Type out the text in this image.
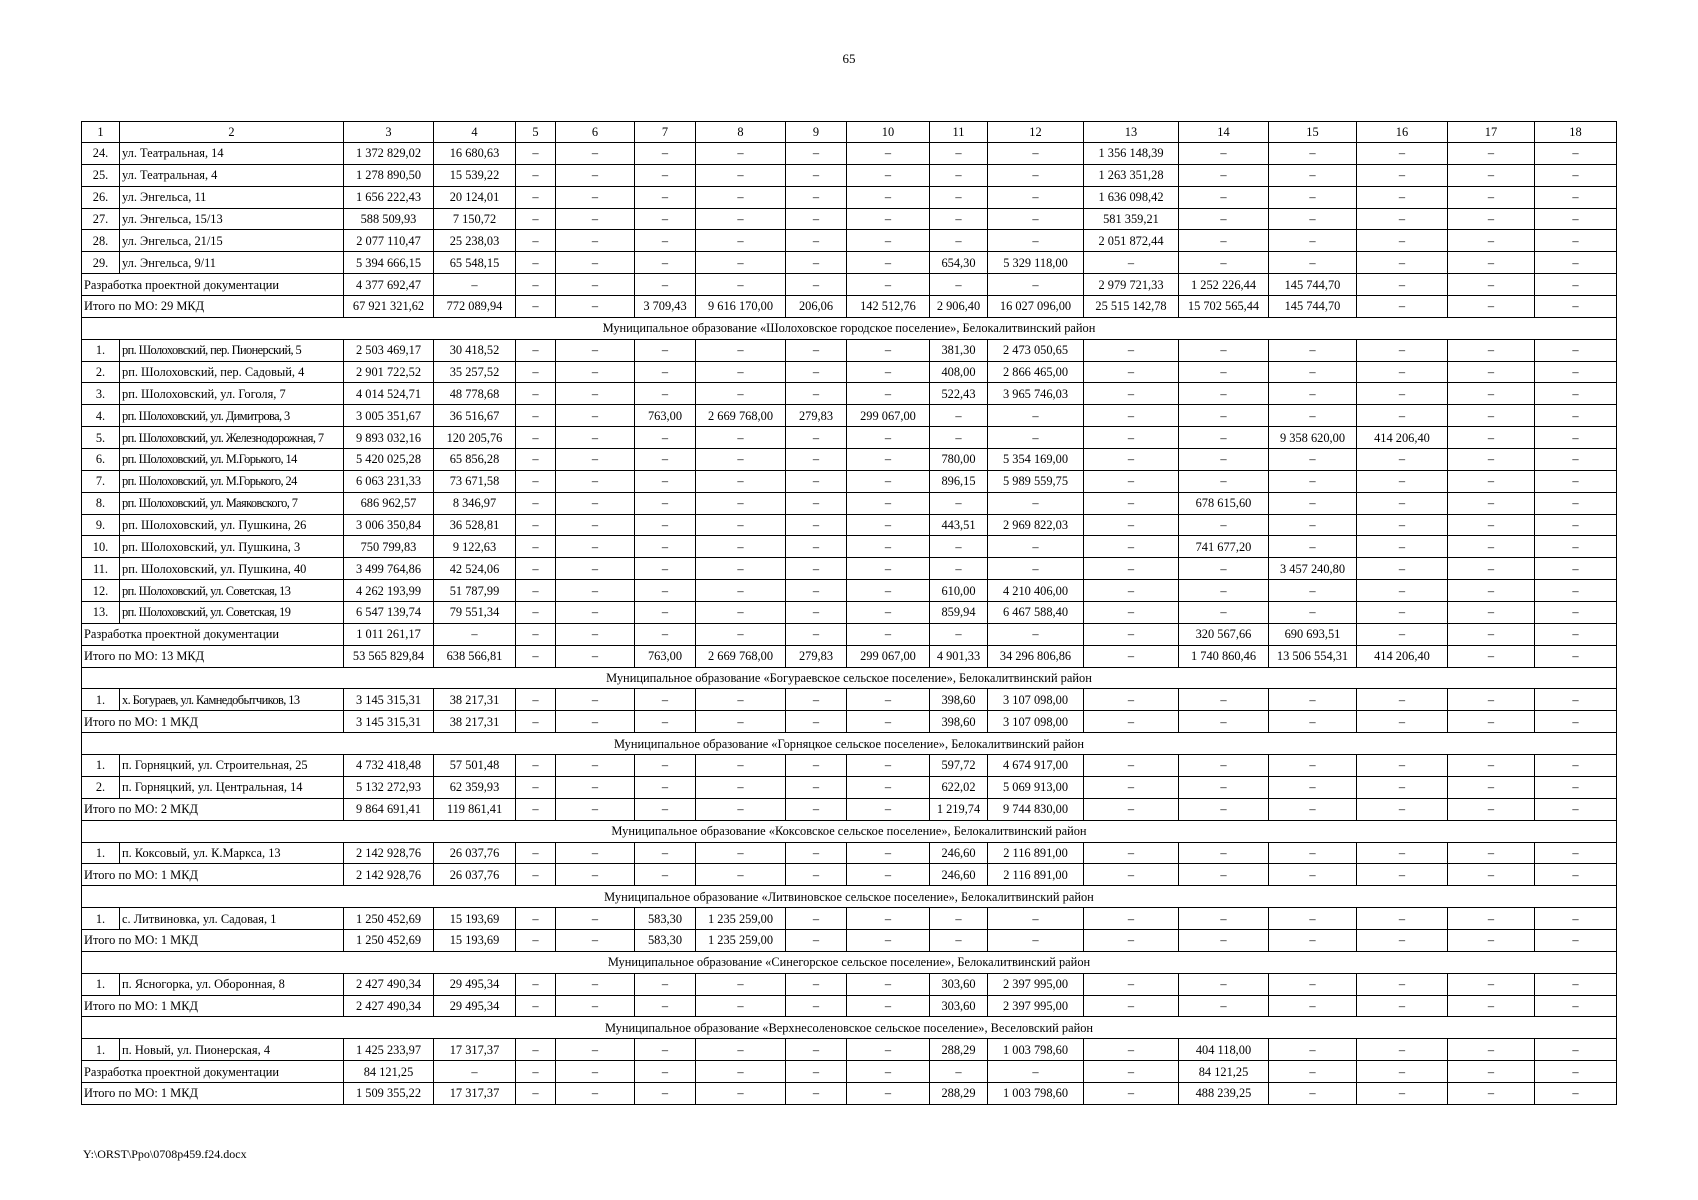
65
1	2	3	4	5	6	7	8	9	10	11	12	13	14	15	16	17	18
24.	ул. Театральная, 14	1 372 829,02	16 680,63	–	–	–	–	–	–	–	–	1 356 148,39	–	–	–	–	–
25.	ул. Театральная, 4	1 278 890,50	15 539,22	–	–	–	–	–	–	–	–	1 263 351,28	–	–	–	–	–
26.	ул. Энгельса, 11	1 656 222,43	20 124,01	–	–	–	–	–	–	–	–	1 636 098,42	–	–	–	–	–
27.	ул. Энгельса, 15/13	588 509,93	7 150,72	–	–	–	–	–	–	–	–	581 359,21	–	–	–	–	–
28.	ул. Энгельса, 21/15	2 077 110,47	25 238,03	–	–	–	–	–	–	–	–	2 051 872,44	–	–	–	–	–
29.	ул. Энгельса, 9/11	5 394 666,15	65 548,15	–	–	–	–	–	–	654,30	5 329 118,00	–	–	–	–	–	–
Разработка проектной документации		4 377 692,47	–	–	–	–	–	–	–	–	–	2 979 721,33	1 252 226,44	145 744,70	–	–	–
Итого по МО: 29 МКД		67 921 321,62	772 089,94	–	–	3 709,43	9 616 170,00	206,06	142 512,76	2 906,40	16 027 096,00	25 515 142,78	15 702 565,44	145 744,70	–	–	–
Муниципальное образование «Шолоховское городское поселение», Белокалитвинский район																	
1.	рп. Шолоховский, пер. Пионерский, 5	2 503 469,17	30 418,52	–	–	–	–	–	–	381,30	2 473 050,65	–	–	–	–	–	–
2.	рп. Шолоховский, пер. Садовый, 4	2 901 722,52	35 257,52	–	–	–	–	–	–	408,00	2 866 465,00	–	–	–	–	–	–
3.	рп. Шолоховский, ул. Гоголя, 7	4 014 524,71	48 778,68	–	–	–	–	–	–	522,43	3 965 746,03	–	–	–	–	–	–
4.	рп. Шолоховский, ул. Димитрова, 3	3 005 351,67	36 516,67	–	–	763,00	2 669 768,00	279,83	299 067,00	–	–	–	–	–	–	–	–
5.	рп. Шолоховский, ул. Железнодорожная, 7	9 893 032,16	120 205,76	–	–	–	–	–	–	–	–	–	–	9 358 620,00	414 206,40	–	–
6.	рп. Шолоховский, ул. М.Горького, 14	5 420 025,28	65 856,28	–	–	–	–	–	–	780,00	5 354 169,00	–	–	–	–	–	–
7.	рп. Шолоховский, ул. М.Горького, 24	6 063 231,33	73 671,58	–	–	–	–	–	–	896,15	5 989 559,75	–	–	–	–	–	–
8.	рп. Шолоховский, ул. Маяковского, 7	686 962,57	8 346,97	–	–	–	–	–	–	–	–	–	678 615,60	–	–	–	–
9.	рп. Шолоховский, ул. Пушкина, 26	3 006 350,84	36 528,81	–	–	–	–	–	–	443,51	2 969 822,03	–	–	–	–	–	–
10.	рп. Шолоховский, ул. Пушкина, 3	750 799,83	9 122,63	–	–	–	–	–	–	–	–	–	741 677,20	–	–	–	–
11.	рп. Шолоховский, ул. Пушкина, 40	3 499 764,86	42 524,06	–	–	–	–	–	–	–	–	–	–	3 457 240,80	–	–	–
12.	рп. Шолоховский, ул. Советская, 13	4 262 193,99	51 787,99	–	–	–	–	–	–	610,00	4 210 406,00	–	–	–	–	–	–
13.	рп. Шолоховский, ул. Советская, 19	6 547 139,74	79 551,34	–	–	–	–	–	–	859,94	6 467 588,40	–	–	–	–	–	–
Разработка проектной документации		1 011 261,17	–	–	–	–	–	–	–	–	–	–	320 567,66	690 693,51	–	–	–
Итого по МО: 13 МКД		53 565 829,84	638 566,81	–	–	763,00	2 669 768,00	279,83	299 067,00	4 901,33	34 296 806,86	–	1 740 860,46	13 506 554,31	414 206,40	–	–
Муниципальное образование «Богураевское сельское поселение», Белокалитвинский район																	
1.	х. Богураев, ул. Камнедобытчиков, 13	3 145 315,31	38 217,31	–	–	–	–	–	–	398,60	3 107 098,00	–	–	–	–	–	–
Итого по МО: 1 МКД		3 145 315,31	38 217,31	–	–	–	–	–	–	398,60	3 107 098,00	–	–	–	–	–	–
Муниципальное образование «Горняцкое сельское поселение», Белокалитвинский район																	
1.	п. Горняцкий, ул. Строительная, 25	4 732 418,48	57 501,48	–	–	–	–	–	–	597,72	4 674 917,00	–	–	–	–	–	–
2.	п. Горняцкий, ул. Центральная, 14	5 132 272,93	62 359,93	–	–	–	–	–	–	622,02	5 069 913,00	–	–	–	–	–	–
Итого по МО: 2 МКД		9 864 691,41	119 861,41	–	–	–	–	–	–	1 219,74	9 744 830,00	–	–	–	–	–	–
Муниципальное образование «Коксовское сельское поселение», Белокалитвинский район																	
1.	п. Коксовый, ул. К.Маркса, 13	2 142 928,76	26 037,76	–	–	–	–	–	–	246,60	2 116 891,00	–	–	–	–	–	–
Итого по МО: 1 МКД		2 142 928,76	26 037,76	–	–	–	–	–	–	246,60	2 116 891,00	–	–	–	–	–	–
Муниципальное образование «Литвиновское сельское поселение», Белокалитвинский район																	
1.	с. Литвиновка, ул. Садовая, 1	1 250 452,69	15 193,69	–	–	583,30	1 235 259,00	–	–	–	–	–	–	–	–	–	–
Итого по МО: 1 МКД		1 250 452,69	15 193,69	–	–	583,30	1 235 259,00	–	–	–	–	–	–	–	–	–	–
Муниципальное образование «Синегорское сельское поселение», Белокалитвинский район																	
1.	п. Ясногорка, ул. Оборонная, 8	2 427 490,34	29 495,34	–	–	–	–	–	–	303,60	2 397 995,00	–	–	–	–	–	–
Итого по МО: 1 МКД		2 427 490,34	29 495,34	–	–	–	–	–	–	303,60	2 397 995,00	–	–	–	–	–	–
Муниципальное образование «Верхнесоленовское сельское поселение», Веселовский район																	
1.	п. Новый, ул. Пионерская, 4	1 425 233,97	17 317,37	–	–	–	–	–	–	288,29	1 003 798,60	–	404 118,00	–	–	–	–
Разработка проектной документации		84 121,25	–	–	–	–	–	–	–	–	–	–	84 121,25	–	–	–	–
Итого по МО: 1 МКД		1 509 355,22	17 317,37	–	–	–	–	–	–	288,29	1 003 798,60	–	488 239,25	–	–	–	–
Y:\ORST\Ppo\0708p459.f24.docx
